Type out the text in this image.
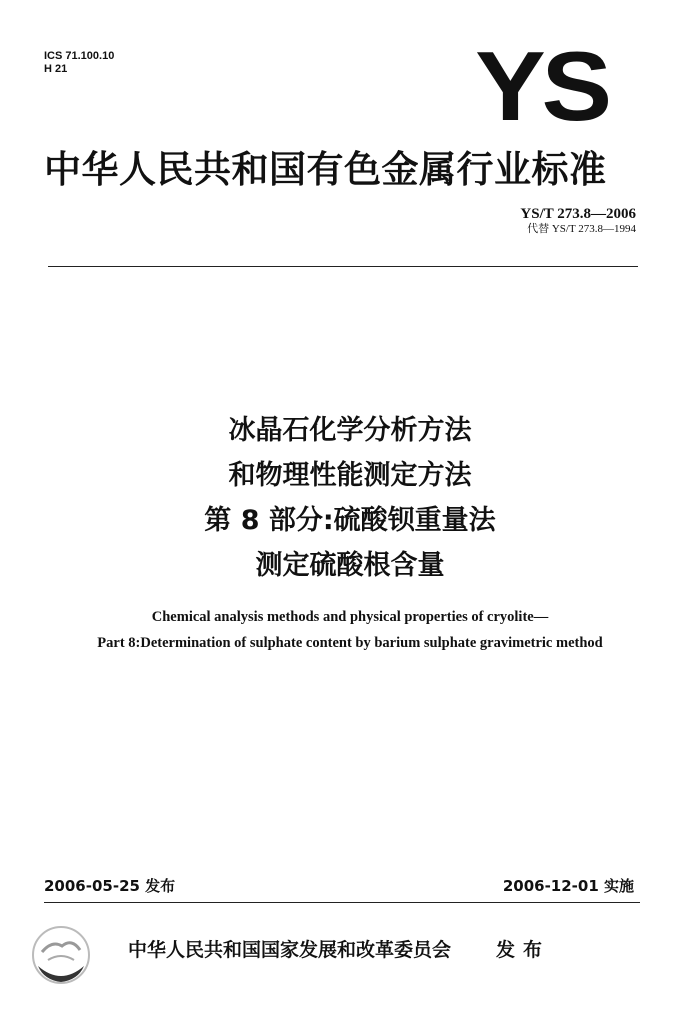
ICS 71.100.10
H 21	YS
中华人民共和国有色金属行业标准
YS/T 273.8—2006
代替 YS/T 273.8—1994
冰晶石化学分析方法
和物理性能测定方法
第 8 部分:硫酸钡重量法
测定硫酸根含量
Chemical analysis methods and physical properties of cryolite—
Part 8:Determination of sulphate content by barium sulphate gravimetric method
2006-05-25 发布	2006-12-01 实施
中华人民共和国国家发展和改革委员会 发布
